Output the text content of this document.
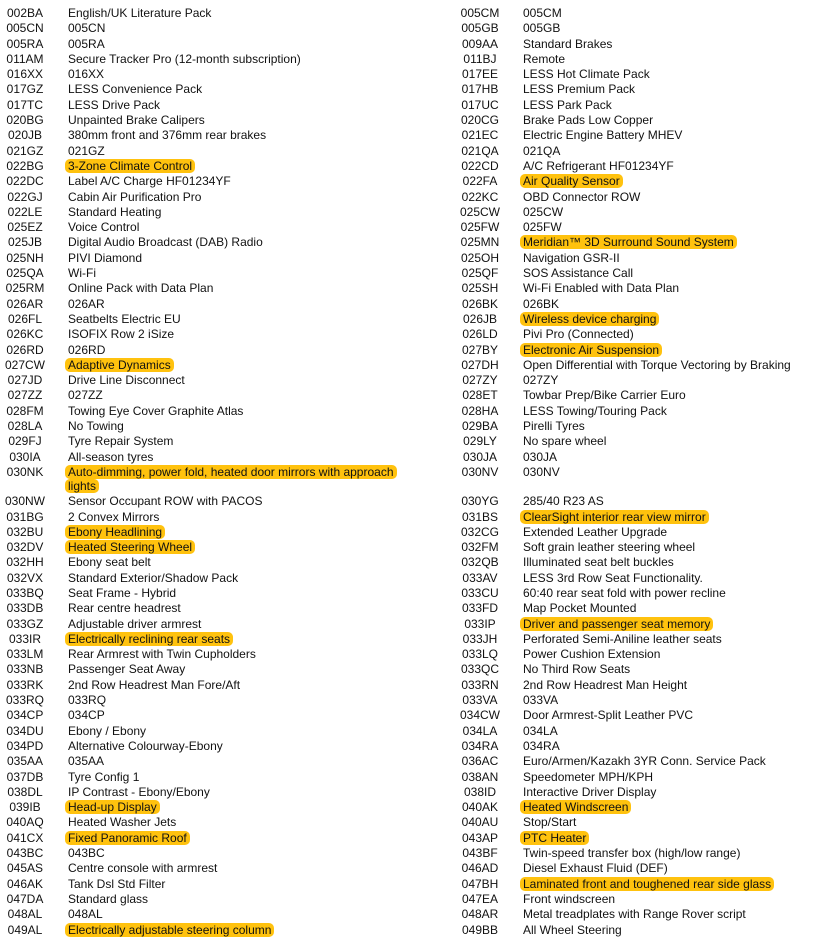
002BA	English/UK Literature Pack
005CN	005CN
005RA	005RA
011AM	Secure Tracker Pro (12-month subscription)
016XX	016XX
017GZ	LESS Convenience Pack
017TC	LESS Drive Pack
020BG	Unpainted Brake Calipers
020JB	380mm front and 376mm rear brakes
021GZ	021GZ
022BG	3-Zone Climate Control
022DC	Label A/C Charge HF01234YF
022GJ	Cabin Air Purification Pro
022LE	Standard Heating
025EZ	Voice Control
025JB	Digital Audio Broadcast (DAB) Radio
025NH	PIVI Diamond
025QA	Wi-Fi
025RM	Online Pack with Data Plan
026AR	026AR
026FL	Seatbelts Electric EU
026KC	ISOFIX Row 2 iSize
026RD	026RD
027CW	Adaptive Dynamics
027JD	Drive Line Disconnect
027ZZ	027ZZ
028FM	Towing Eye Cover Graphite Atlas
028LA	No Towing
029FJ	Tyre Repair System
030IA	All-season tyres
030NK	Auto-dimming, power fold, heated door mirrors with approach lights
030NW	Sensor Occupant ROW with PACOS
031BG	2 Convex Mirrors
032BU	Ebony Headlining
032DV	Heated Steering Wheel
032HH	Ebony seat belt
032VX	Standard Exterior/Shadow Pack
033BQ	Seat Frame - Hybrid
033DB	Rear centre headrest
033GZ	Adjustable driver armrest
033IR	Electrically reclining rear seats
033LM	Rear Armrest with Twin Cupholders
033NB	Passenger Seat Away
033RK	2nd Row Headrest Man Fore/Aft
033RQ	033RQ
034CP	034CP
034DU	Ebony / Ebony
034PD	Alternative Colourway-Ebony
035AA	035AA
037DB	Tyre Config 1
038DL	IP Contrast - Ebony/Ebony
039IB	Head-up Display
040AQ	Heated Washer Jets
041CX	Fixed Panoramic Roof
043BC	043BC
045AS	Centre console with armrest
046AK	Tank Dsl Std Filter
047DA	Standard glass
048AL	048AL
049AL	Electrically adjustable steering column
005CM	005CM
005GB	005GB
009AA	Standard Brakes
011BJ	Remote
017EE	LESS Hot Climate Pack
017HB	LESS Premium Pack
017UC	LESS Park Pack
020CG	Brake Pads Low Copper
021EC	Electric Engine Battery MHEV
021QA	021QA
022CD	A/C Refrigerant HF01234YF
022FA	Air Quality Sensor
022KC	OBD Connector ROW
025CW	025CW
025FW	025FW
025MN	Meridian™ 3D Surround Sound System
025OH	Navigation GSR-II
025QF	SOS Assistance Call
025SH	Wi-Fi Enabled with Data Plan
026BK	026BK
026JB	Wireless device charging
026LD	Pivi Pro (Connected)
027BY	Electronic Air Suspension
027DH	Open Differential with Torque Vectoring by Braking
027ZY	027ZY
028ET	Towbar Prep/Bike Carrier Euro
028HA	LESS Towing/Touring Pack
029BA	Pirelli Tyres
029LY	No spare wheel
030JA	030JA
030NV	030NV
030YG	285/40 R23 AS
031BS	ClearSight interior rear view mirror
032CG	Extended Leather Upgrade
032FM	Soft grain leather steering wheel
032QB	Illuminated seat belt buckles
033AV	LESS 3rd Row Seat Functionality.
033CU	60:40 rear seat fold with power recline
033FD	Map Pocket Mounted
033IP	Driver and passenger seat memory
033JH	Perforated Semi-Aniline leather seats
033LQ	Power Cushion Extension
033QC	No Third Row Seats
033RN	2nd Row Headrest Man Height
033VA	033VA
034CW	Door Armrest-Split Leather PVC
034LA	034LA
034RA	034RA
036AC	Euro/Armen/Kazakh 3YR Conn. Service Pack
038AN	Speedometer MPH/KPH
038ID	Interactive Driver Display
040AK	Heated Windscreen
040AU	Stop/Start
043AP	PTC Heater
043BF	Twin-speed transfer box (high/low range)
046AD	Diesel Exhaust Fluid (DEF)
047BH	Laminated front and toughened rear side glass
047EA	Front windscreen
048AR	Metal treadplates with Range Rover script
049BB	All Wheel Steering
